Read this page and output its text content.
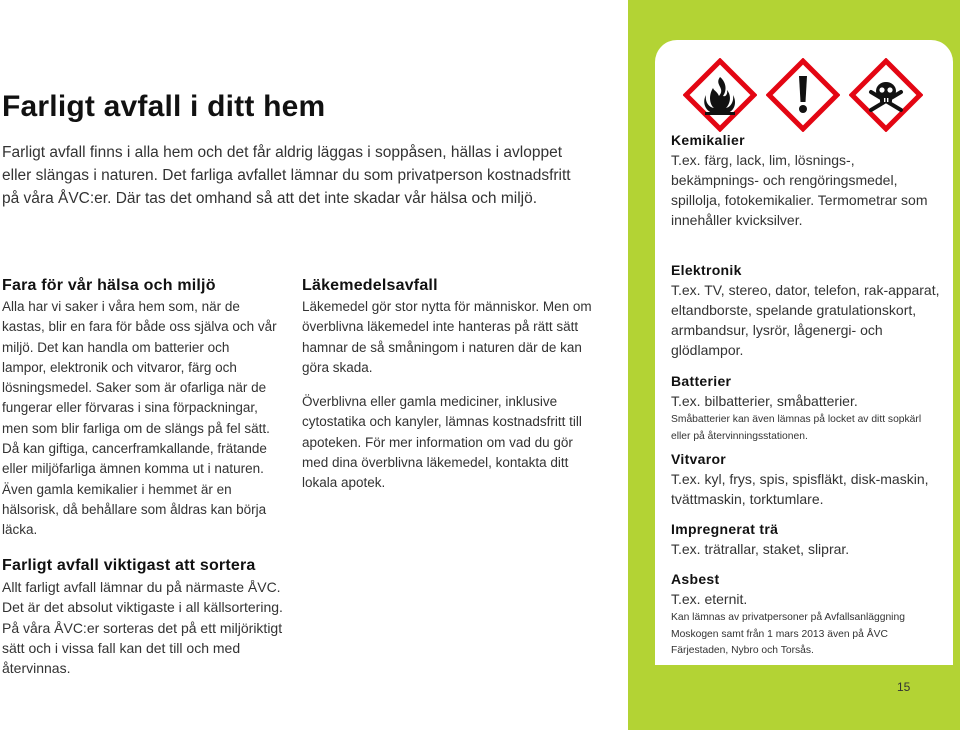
Farligt avfall i ditt hem

Farligt avfall finns i alla hem och det får aldrig läggas i soppåsen, hällas i avloppet eller slängas i naturen. Det farliga avfallet lämnar du som privatperson kostnadsfritt på våra ÅVC:er. Där tas det omhand så att det inte skadar vår hälsa och miljö.

Fara för vår hälsa och miljö

Alla har vi saker i våra hem som, när de kastas, blir en fara för både oss själva och vår miljö. Det kan handla om batterier och lampor, elektronik och vitvaror, färg och lösningsmedel. Saker som är ofarliga när de fungerar eller förvaras i sina förpackningar, men som blir farliga om de slängs på fel sätt. Då kan giftiga, cancerframkallande, frätande eller miljöfarliga ämnen komma ut i naturen. Även gamla kemikalier i hemmet är en hälsorisk, då behållare som åldras kan börja läcka.

Läkemedelsavfall

Läkemedel gör stor nytta för människor. Men om överblivna läkemedel inte hanteras på rätt sätt hamnar de så småningom i naturen där de kan göra skada.

Överblivna eller gamla mediciner, inklusive cytostatika och kanyler, lämnas kostnadsfritt till apoteken. För mer information om vad du gör med dina överblivna läkemedel, kontakta ditt lokala apotek.

Farligt avfall viktigast att sortera

Allt farligt avfall lämnar du på närmaste ÅVC. Det är det absolut viktigaste i all källsortering. På våra ÅVC:er sorteras det på ett miljöriktigt sätt och i vissa fall kan det till och med återvinnas.

Kemikalier

T.ex. färg, lack, lim, lösnings-, bekämpnings- och rengöringsmedel, spillolja, fotokemikalier. Termometrar som innehåller kvicksilver.

Elektronik

T.ex. TV, stereo, dator, telefon, rak-apparat, eltandborste, spelande gratulationskort, armbandsur, lysrör, lågenergi- och glödlampor.

Batterier

T.ex. bilbatterier, småbatterier.

Småbatterier kan även lämnas på locket av ditt sopkärl eller på återvinningsstationen.

Vitvaror

T.ex. kyl, frys, spis, spisfläkt, disk-maskin, tvättmaskin, torktumlare.

Impregnerat trä

T.ex. trätrallar, staket, sliprar.

Asbest

T.ex. eternit.

Kan lämnas av privatpersoner på Avfallsanläggning Moskogen samt från 1 mars 2013 även på ÅVC Färjestaden, Nybro och Torsås.

15
